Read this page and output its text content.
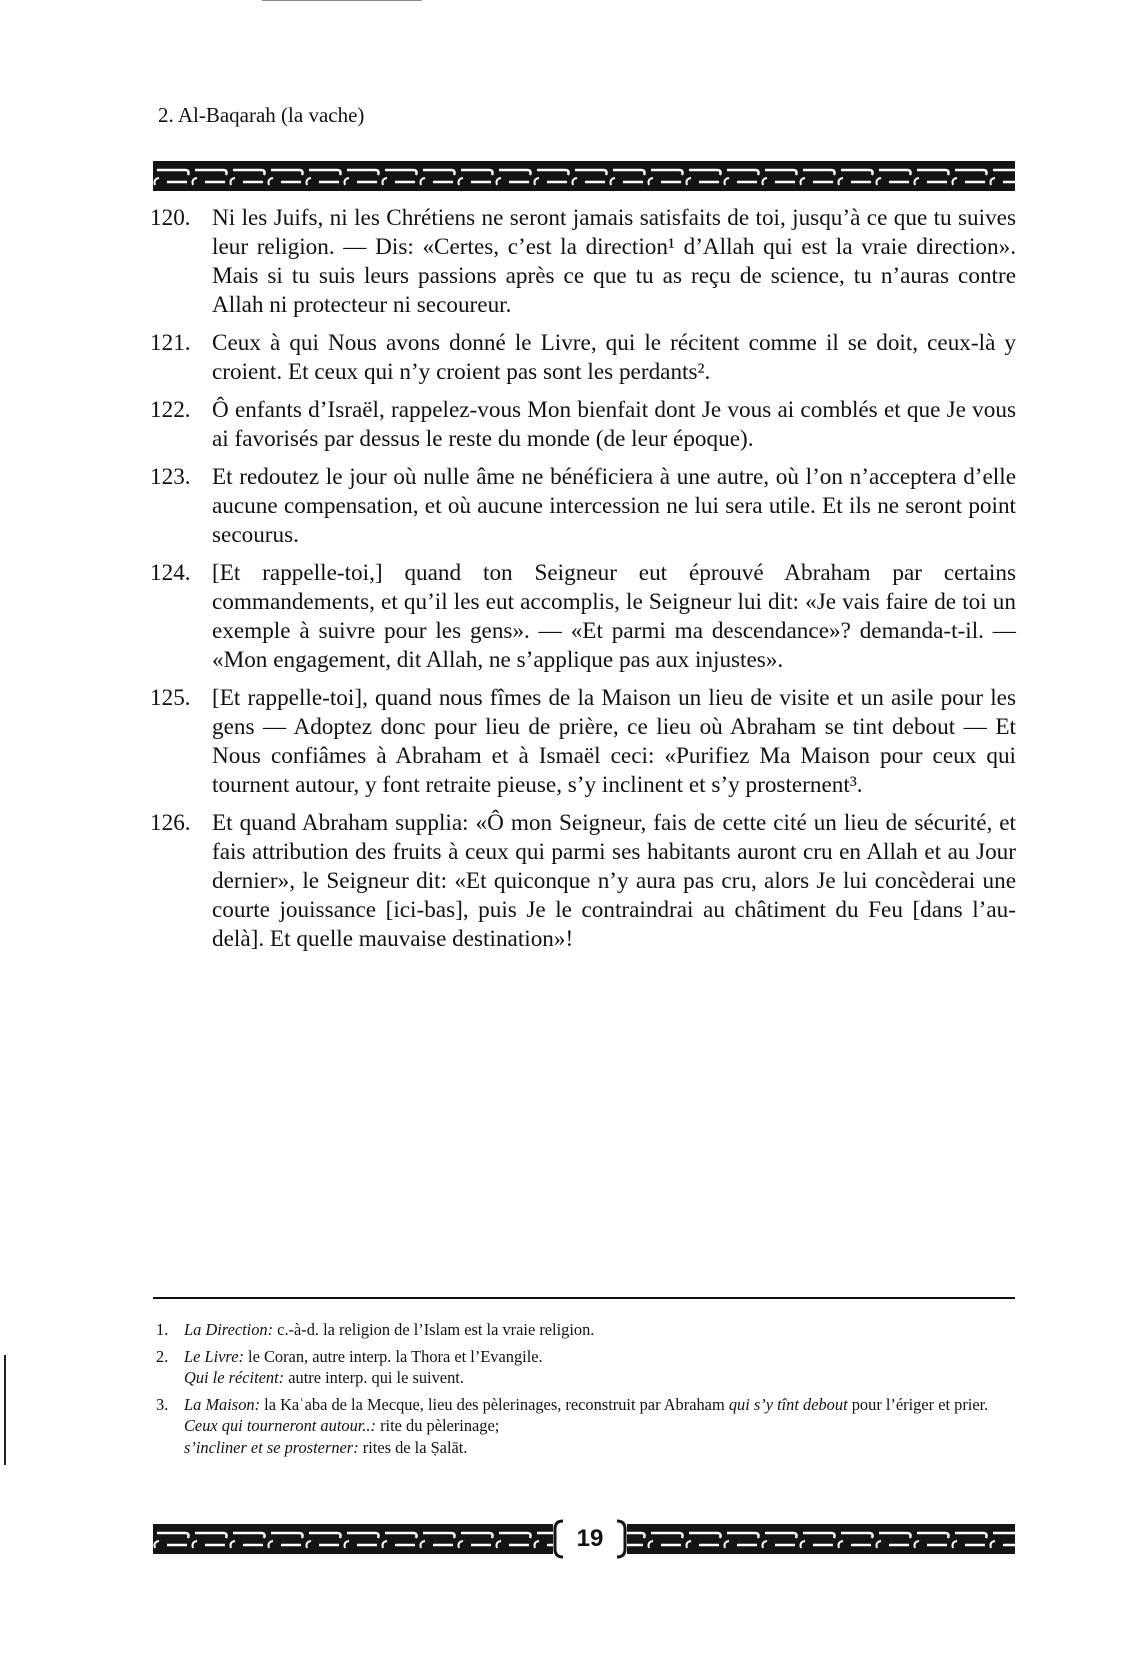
2. Al-Baqarah (la vache)
120. Ni les Juifs, ni les Chrétiens ne seront jamais satisfaits de toi, jusqu’à ce que tu suives leur religion. — Dis: «Certes, c’est la direction¹ d’Allah qui est la vraie direction». Mais si tu suis leurs passions après ce que tu as reçu de science, tu n’auras contre Allah ni protecteur ni secoureur.
121. Ceux à qui Nous avons donné le Livre, qui le récitent comme il se doit, ceux-là y croient. Et ceux qui n’y croient pas sont les perdants².
122. Ô enfants d’Israël, rappelez-vous Mon bienfait dont Je vous ai comblés et que Je vous ai favorisés par dessus le reste du monde (de leur époque).
123. Et redoutez le jour où nulle âme ne bénéficiera à une autre, où l’on n’acceptera d’elle aucune compensation, et où aucune intercession ne lui sera utile. Et ils ne seront point secourus.
124. [Et rappelle-toi,] quand ton Seigneur eut éprouvé Abraham par certains commandements, et qu’il les eut accomplis, le Seigneur lui dit: «Je vais faire de toi un exemple à suivre pour les gens». — «Et parmi ma descendance»? demanda-t-il. — «Mon engagement, dit Allah, ne s’applique pas aux injustes».
125. [Et rappelle-toi], quand nous fîmes de la Maison un lieu de visite et un asile pour les gens — Adoptez donc pour lieu de prière, ce lieu où Abraham se tint debout — Et Nous confiâmes à Abraham et à Ismaël ceci: «Purifiez Ma Maison pour ceux qui tournent autour, y font retraite pieuse, s’y inclinent et s’y prosternent³.
126. Et quand Abraham supplia: «Ô mon Seigneur, fais de cette cité un lieu de sécurité, et fais attribution des fruits à ceux qui parmi ses habitants auront cru en Allah et au Jour dernier», le Seigneur dit: «Et quiconque n’y aura pas cru, alors Je lui concèderai une courte jouissance [ici-bas], puis Je le contraindrai au châtiment du Feu [dans l’au-delà]. Et quelle mauvaise destination»!
1. La Direction: c.-à-d. la religion de l’Islam est la vraie religion.
2. Le Livre: le Coran, autre interp. la Thora et l’Evangile.
Qui le récitent: autre interp. qui le suivent.
3. La Maison: la Kaʿaba de la Mecque, lieu des pèlerinages, reconstruit par Abraham qui s’y tînt debout pour l’ériger et prier.
Ceux qui tourneront autour..: rite du pèlerinage;
s’incliner et se prosterner: rites de la Ṣalāt.
19
